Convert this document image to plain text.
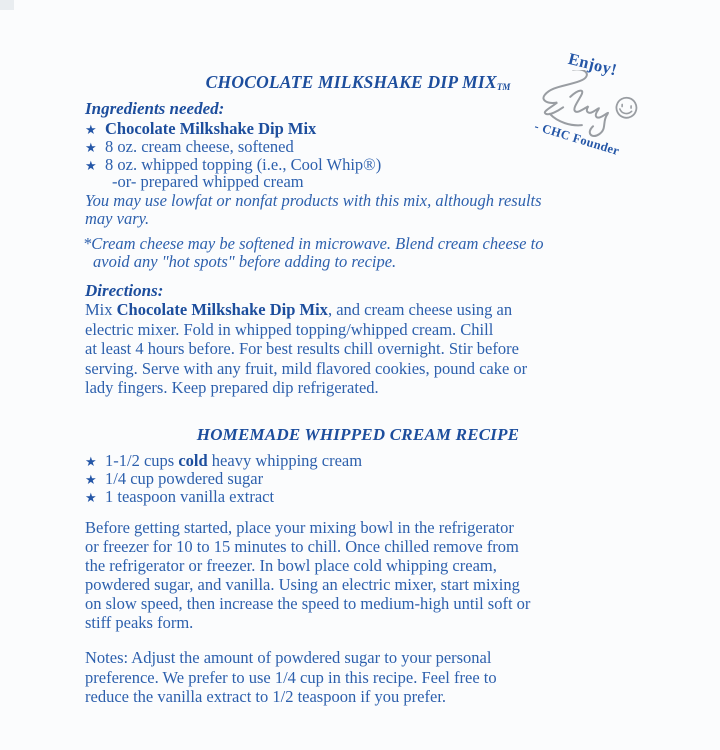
CHOCOLATE MILKSHAKE DIP MIXTM
Enjoy!
- CHC Founder
Ingredients needed:
★ Chocolate Milkshake Dip Mix
★ 8 oz. cream cheese, softened
★ 8 oz. whipped topping (i.e., Cool Whip®)
-or- prepared whipped cream
You may use lowfat or nonfat products with this mix, although results
may vary.
*Cream cheese may be softened in microwave. Blend cream cheese to
avoid any "hot spots" before adding to recipe.
Directions:
Mix Chocolate Milkshake Dip Mix, and cream cheese using an
electric mixer. Fold in whipped topping/whipped cream. Chill
at least 4 hours before. For best results chill overnight. Stir before
serving. Serve with any fruit, mild flavored cookies, pound cake or
lady fingers. Keep prepared dip refrigerated.
HOMEMADE WHIPPED CREAM RECIPE
★ 1-1/2 cups cold heavy whipping cream
★ 1/4 cup powdered sugar
★ 1 teaspoon vanilla extract
Before getting started, place your mixing bowl in the refrigerator
or freezer for 10 to 15 minutes to chill. Once chilled remove from
the refrigerator or freezer. In bowl place cold whipping cream,
powdered sugar, and vanilla. Using an electric mixer, start mixing
on slow speed, then increase the speed to medium-high until soft or
stiff peaks form.
Notes: Adjust the amount of powdered sugar to your personal
preference. We prefer to use 1/4 cup in this recipe. Feel free to
reduce the vanilla extract to 1/2 teaspoon if you prefer.
